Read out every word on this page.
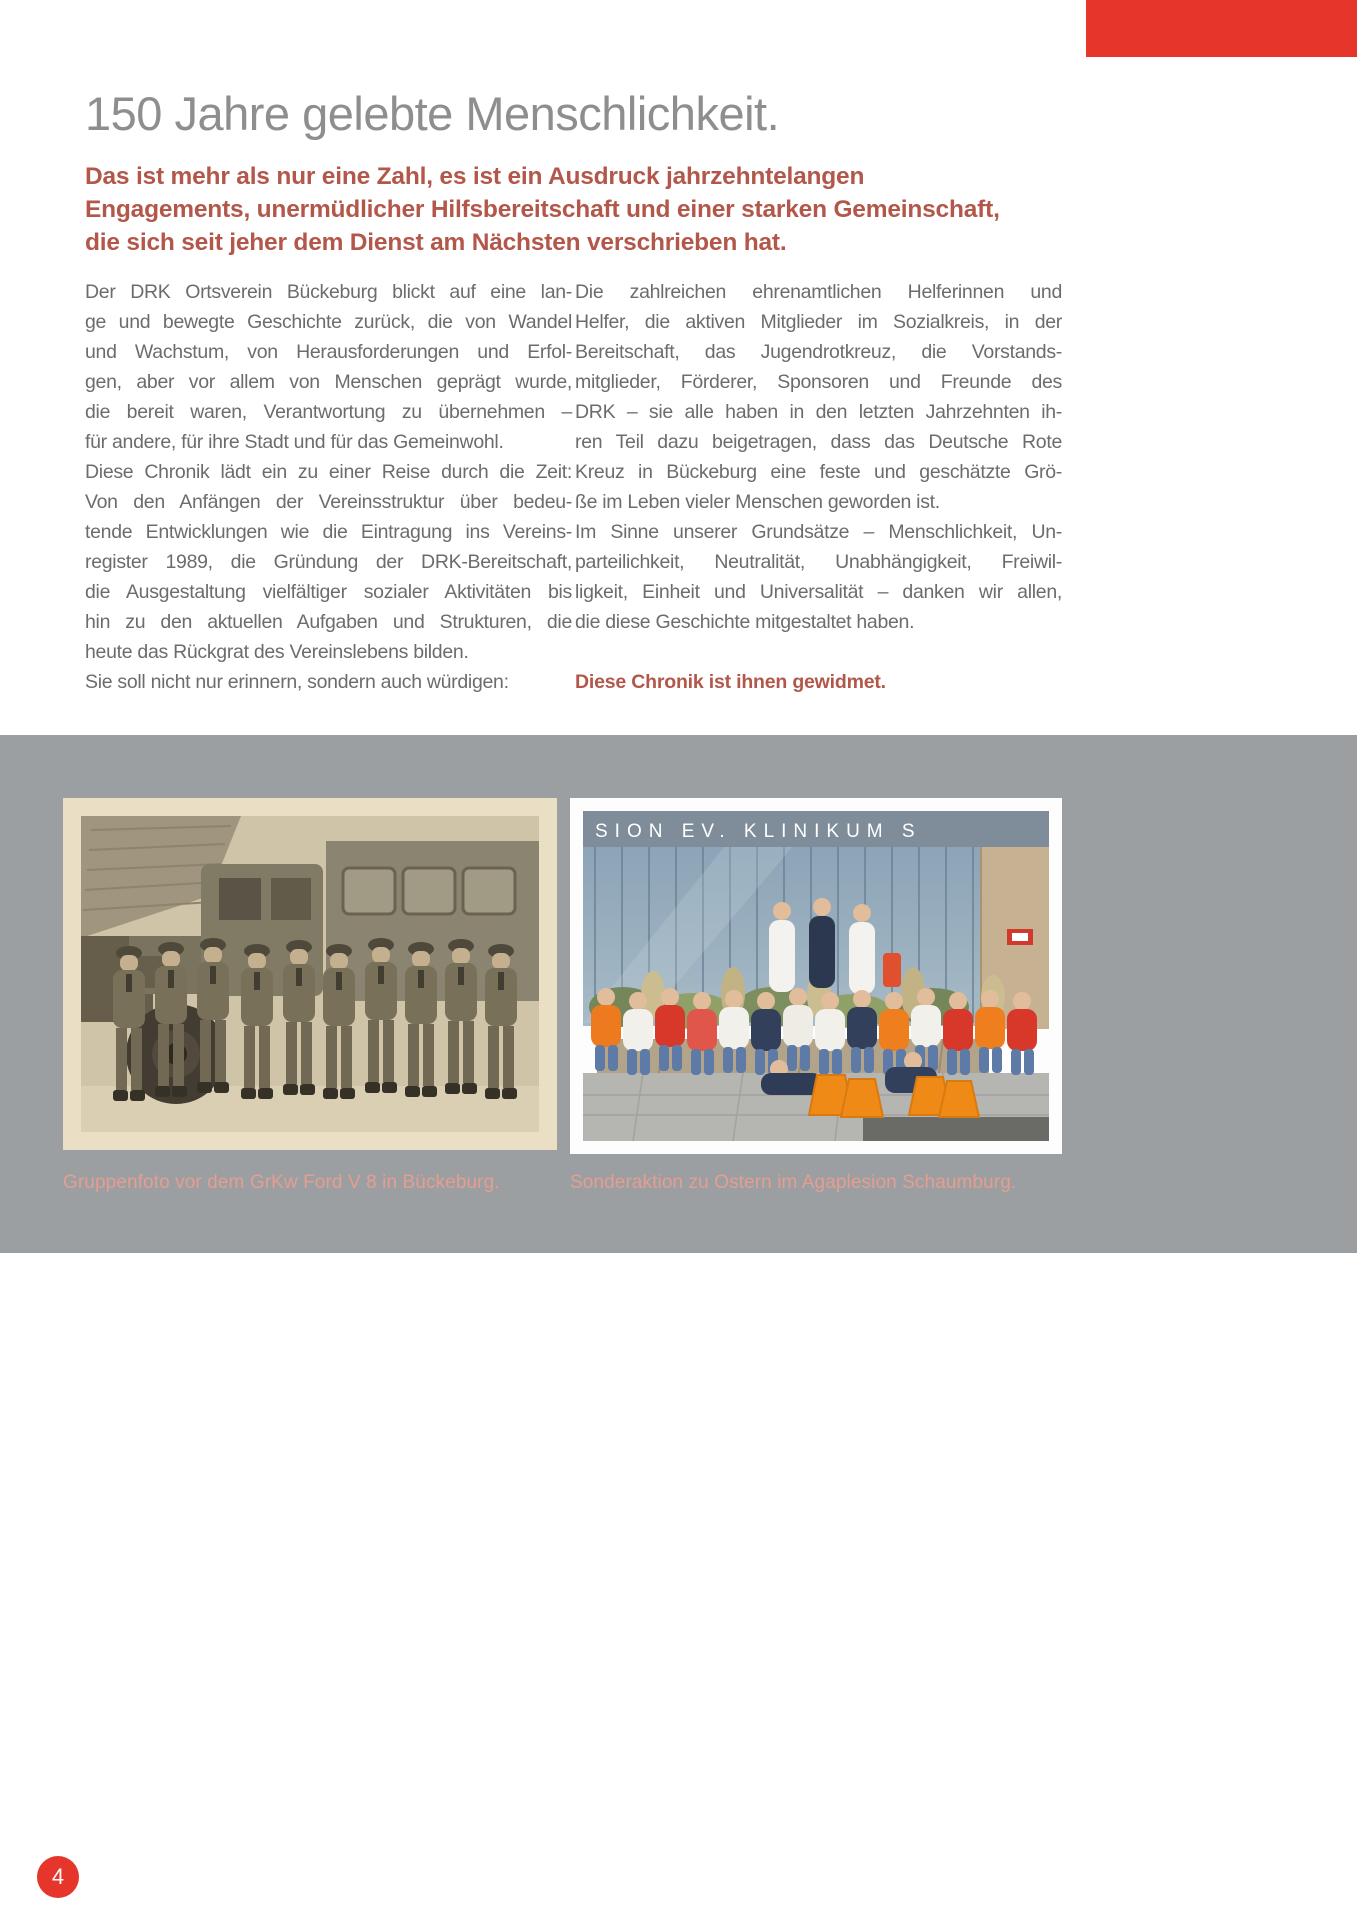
150 Jahre gelebte Menschlichkeit.
Das ist mehr als nur eine Zahl, es ist ein Ausdruck jahrzehntelangen
Engagements, unermüdlicher Hilfsbereitschaft und einer starken Gemeinschaft,
die sich seit jeher dem Dienst am Nächsten verschrieben hat.
Der DRK Ortsverein Bückeburg blickt auf eine lan-
ge und bewegte Geschichte zurück, die von Wandel
und Wachstum, von Herausforderungen und Erfol-
gen, aber vor allem von Menschen geprägt wurde,
die bereit waren, Verantwortung zu übernehmen –
für andere, für ihre Stadt und für das Gemeinwohl.
Diese Chronik lädt ein zu einer Reise durch die Zeit:
Von den Anfängen der Vereinsstruktur über bedeu-
tende Entwicklungen wie die Eintragung ins Vereins-
register 1989, die Gründung der DRK-Bereitschaft,
die Ausgestaltung vielfältiger sozialer Aktivitäten bis
hin zu den aktuellen Aufgaben und Strukturen, die
heute das Rückgrat des Vereinslebens bilden.
Sie soll nicht nur erinnern, sondern auch würdigen:
Die zahlreichen ehrenamtlichen Helferinnen und
Helfer, die aktiven Mitglieder im Sozialkreis, in der
Bereitschaft, das Jugendrotkreuz, die Vorstands-
mitglieder, Förderer, Sponsoren und Freunde des
DRK – sie alle haben in den letzten Jahrzehnten ih-
ren Teil dazu beigetragen, dass das Deutsche Rote
Kreuz in Bückeburg eine feste und geschätzte Grö-
ße im Leben vieler Menschen geworden ist.
Im Sinne unserer Grundsätze – Menschlichkeit, Un-
parteilichkeit, Neutralität, Unabhängigkeit, Freiwil-
ligkeit, Einheit und Universalität – danken wir allen,
die diese Geschichte mitgestaltet haben.
Diese Chronik ist ihnen gewidmet.
SION EV. KLINIKUM S
Gruppenfoto vor dem GrKw Ford V 8 in Bückeburg.	Sonderaktion zu Ostern im Agaplesion Schaumburg.
4
